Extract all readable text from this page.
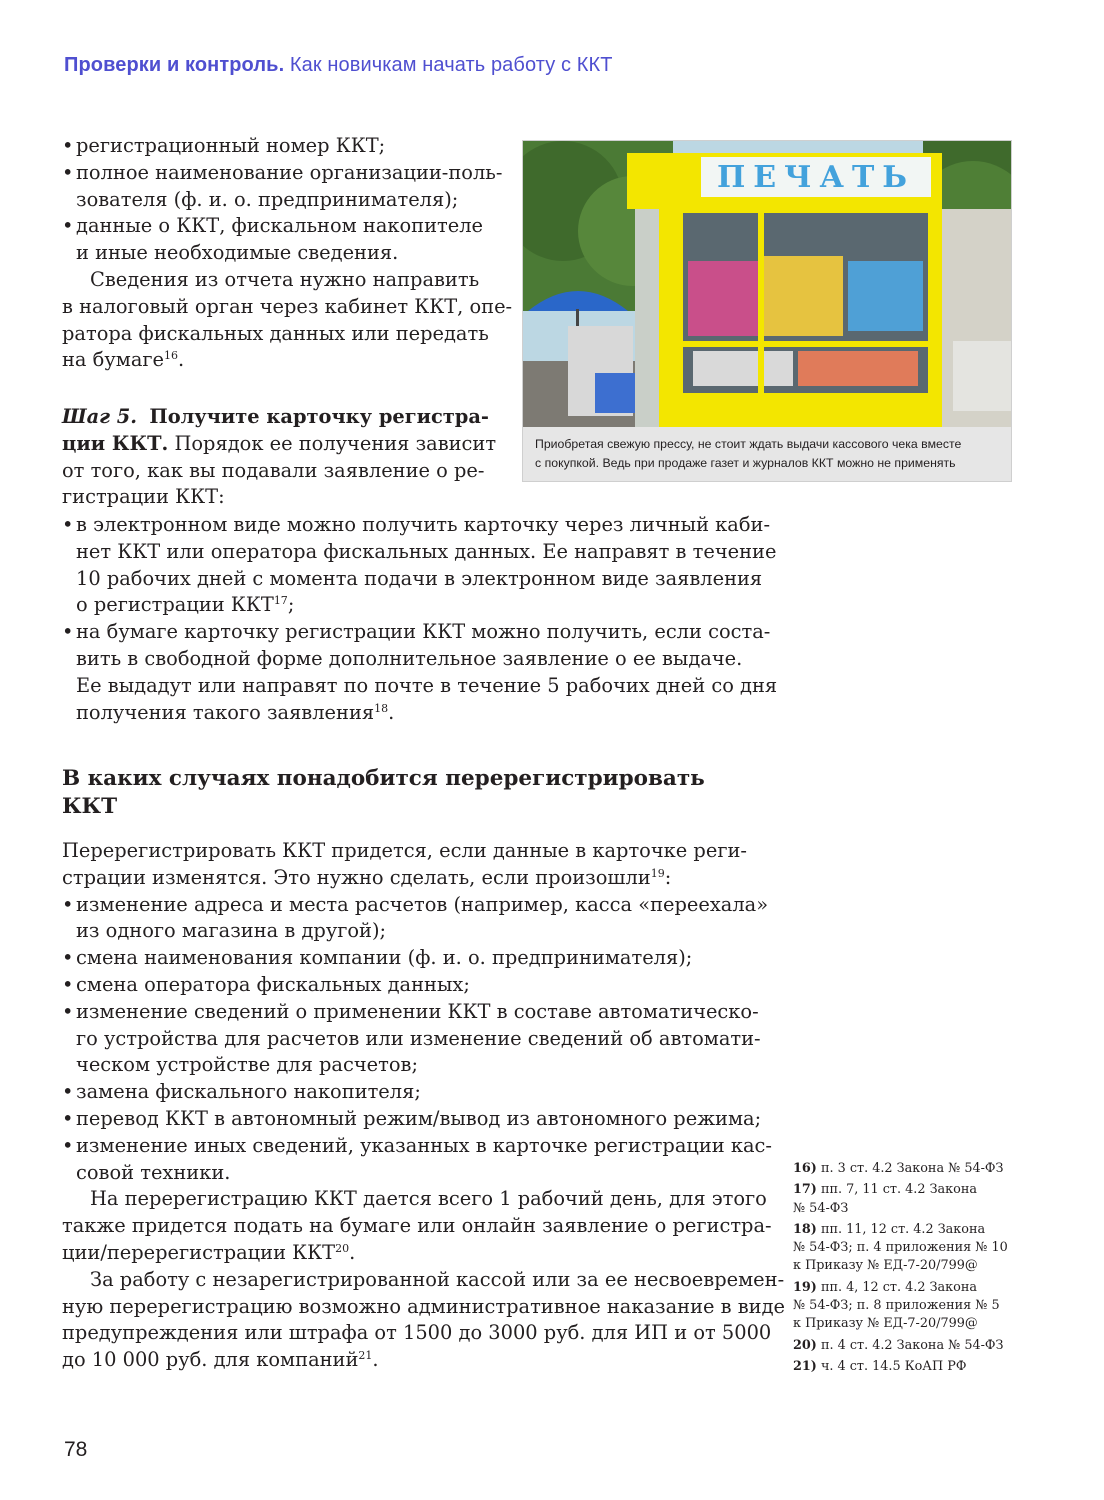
Проверки и контроль. Как новичкам начать работу с ККТ
• регистрационный номер ККТ;
• полное наименование организации-поль-
зователя (ф. и. о. предпринимателя);
• данные о ККТ, фискальном накопителе
и иные необходимые сведения.
Сведения из отчета нужно направить
в налоговый орган через кабинет ККТ, опе-
ратора фискальных данных или передать
на бумаге$^{16}$.
Шаг 5. Получите карточку регистра-
ции ККТ. Порядок ее получения зависит
от того, как вы подавали заявление о ре-
гистрации ККТ:
• в электронном виде можно получить карточку через личный каби-
нет ККТ или оператора фискальных данных. Ее направят в течение
10 рабочих дней с момента подачи в электронном виде заявления
о регистрации ККТ$^{17}$;
• на бумаге карточку регистрации ККТ можно получить, если соста-
вить в свободной форме дополнительное заявление о ее выдаче.
Ее выдадут или направят по почте в течение 5 рабочих дней со дня
получения такого заявления$^{18}$.
В каких случаях понадобится перерегистрировать
ККТ
Перерегистрировать ККТ придется, если данные в карточке реги-
страции изменятся. Это нужно сделать, если произошли$^{19}$:
• изменение адреса и места расчетов (например, касса «переехала»
из одного магазина в другой);
• смена наименования компании (ф. и. о. предпринимателя);
• смена оператора фискальных данных;
• изменение сведений о применении ККТ в составе автоматическо-
го устройства для расчетов или изменение сведений об автомати-
ческом устройстве для расчетов;
• замена фискального накопителя;
• перевод ККТ в автономный режим/вывод из автономного режима;
• изменение иных сведений, указанных в карточке регистрации кас-
совой техники.
На перерегистрацию ККТ дается всего 1 рабочий день, для этого
также придется подать на бумаге или онлайн заявление о регистра-
ции/перерегистрации ККТ$^{20}$.
За работу с незарегистрированной кассой или за ее несвоевремен-
ную перерегистрацию возможно административное наказание в виде
предупреждения или штрафа от 1500 до 3000 руб. для ИП и от 5000
до 10 000 руб. для компаний$^{21}$.
ПЕЧАТЬ
Приобретая свежую прессу, не стоит ждать выдачи кассового чека вместе
с покупкой. Ведь при продаже газет и журналов ККТ можно не применять
16) п. 3 ст. 4.2 Закона № 54-ФЗ
17) пп. 7, 11 ст. 4.2 Закона
№ 54-ФЗ
18) пп. 11, 12 ст. 4.2 Закона
№ 54-ФЗ; п. 4 приложения № 10
к Приказу № ЕД-7-20/799@
19) пп. 4, 12 ст. 4.2 Закона
№ 54-ФЗ; п. 8 приложения № 5
к Приказу № ЕД-7-20/799@
20) п. 4 ст. 4.2 Закона № 54-ФЗ
21) ч. 4 ст. 14.5 КоАП РФ
78
